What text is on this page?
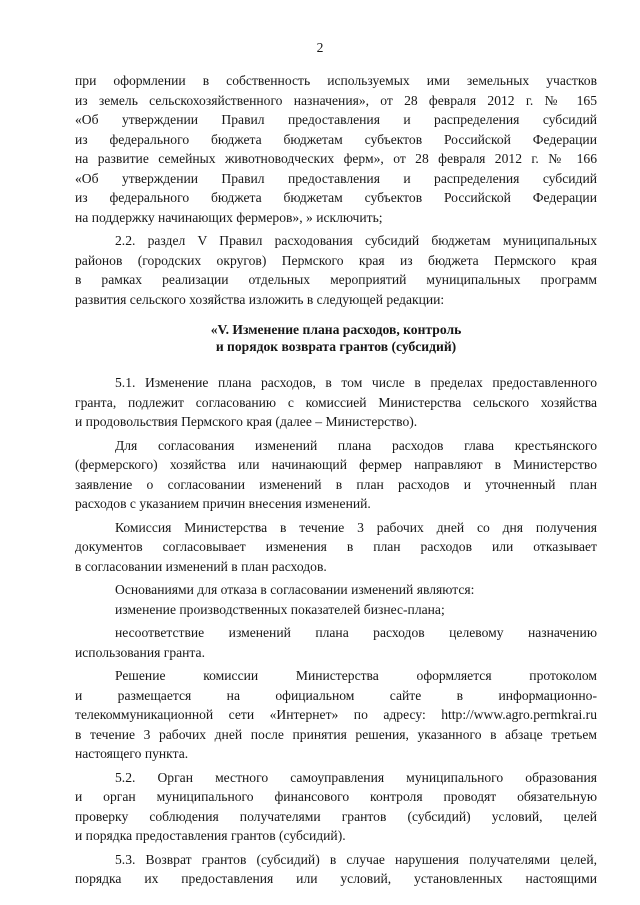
2
при оформлении в собственность используемых ими земельных участков
из земель сельскохозяйственного назначения», от 28 февраля 2012 г. № 165
«Об утверждении Правил предоставления и распределения субсидий
из федерального бюджета бюджетам субъектов Российской Федерации
на развитие семейных животноводческих ферм», от 28 февраля 2012 г. № 166
«Об утверждении Правил предоставления и распределения субсидий
из федерального бюджета бюджетам субъектов Российской Федерации
на поддержку начинающих фермеров», » исключить;
2.2. раздел V Правил расходования субсидий бюджетам муниципальных
районов (городских округов) Пермского края из бюджета Пермского края
в рамках реализации отдельных мероприятий муниципальных программ
развития сельского хозяйства изложить в следующей редакции:
«V. Изменение плана расходов, контроль
и порядок возврата грантов (субсидий)
5.1. Изменение плана расходов, в том числе в пределах предоставленного
гранта, подлежит согласованию с комиссией Министерства сельского хозяйства
и продовольствия Пермского края (далее – Министерство).
Для согласования изменений плана расходов глава крестьянского
(фермерского) хозяйства или начинающий фермер направляют в Министерство
заявление о согласовании изменений в план расходов и уточненный план
расходов с указанием причин внесения изменений.
Комиссия Министерства в течение 3 рабочих дней со дня получения
документов согласовывает изменения в план расходов или отказывает
в согласовании изменений в план расходов.
Основаниями для отказа в согласовании изменений являются:
изменение производственных показателей бизнес-плана;
несоответствие изменений плана расходов целевому назначению
использования гранта.
Решение комиссии Министерства оформляется протоколом
и размещается на официальном сайте в информационно-
телекоммуникационной сети «Интернет» по адресу: http://www.agro.permkrai.ru
в течение 3 рабочих дней после принятия решения, указанного в абзаце третьем
настоящего пункта.
5.2. Орган местного самоуправления муниципального образования
и орган муниципального финансового контроля проводят обязательную
проверку соблюдения получателями грантов (субсидий) условий, целей
и порядка предоставления грантов (субсидий).
5.3. Возврат грантов (субсидий) в случае нарушения получателями целей,
порядка их предоставления или условий, установленных настоящими
